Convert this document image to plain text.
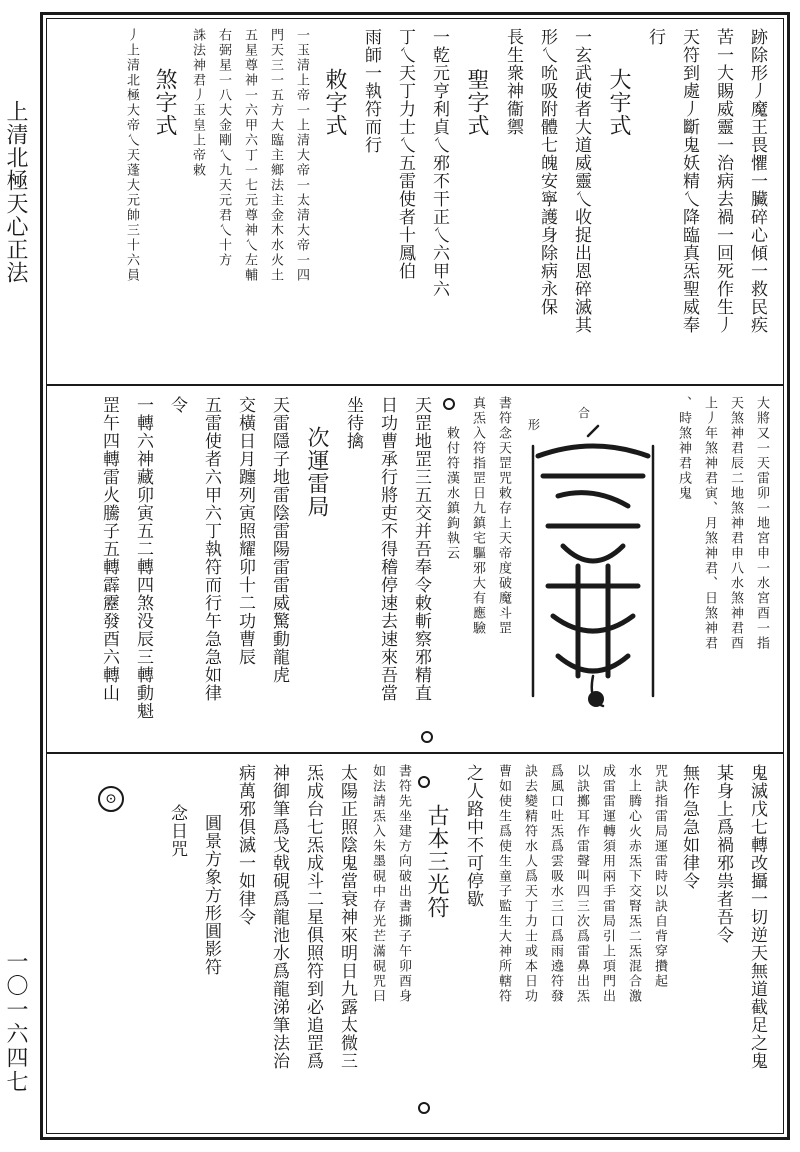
上清北極天心正法
一〇一六四七
跡除形丿魔王畏懼一臟碎心傾一救民疾
苦一大賜威靈一治病去禍一回死作生丿
天符到處丿斷鬼妖精乀降臨真炁聖威奉
行
大宇式
一玄武使者大道威靈乀收捉出恩碎滅其
形乀吮吸附體七魄安寧護身除病永保
長生衆神衞禦
聖字式
一乾元亨利貞乀邪不干正乀六甲六
丁乀天丁力士乀五雷使者十鳳伯
雨師一執符而行
敕字式
一玉清上帝一上清大帝一太清大帝一四
門天三一五方大臨主鄉法主金木水火土
五星尊神一六甲六丁一七元尊神乀左輔
右弼星一八大金剛乀九天元君乀十方
誅法神君丿玉皇上帝敕
煞字式
丿上清北極大帝乀天蓬大元帥三十六員
大將又一天雷卯一地宮申一水宮酉一指
天煞神君辰二地煞神君申八水煞神君酉
上丿年煞神君寅、月煞神君、日煞神君
、時煞神君戌鬼
合
形
書符念天罡咒敕存上天帝度破魔斗罡
真炁入符指罡日九鎮宅驅邪大有應驗
敕付符漢水鎮鉤執云
天罡地罡三五交并吾奉令敕斬察邪精直
日功曹承行將吏不得稽停速去速來吾當
坐待擒
次運雷局
天雷隱子地雷陰雷陽雷雷威驚動龍虎
交橫日月躔列寅照耀卯十二功曹辰
五雷使者六甲六丁執符而行午急急如律
令
一轉六神藏卯寅五二轉四煞没辰三轉動魁
罡午四轉雷火騰子五轉霹靂發酉六轉山
鬼滅戊七轉改攝一切逆天無道截足之鬼
某身上爲禍邪祟者吾令
無作急急如律令
咒訣指雷局運雷時以訣自背穿攢起
水上腾心火赤炁下交腎炁二炁混合激
成雷雷運轉須用兩手雷局引上項門出
以訣擲耳作雷聲叫四三次爲雷鼻出炁
爲風口吐炁爲雲吸水三口爲雨遶符發
訣去變精符水人爲天丁力士或本日功
曹如使生爲使生童子監生大神所轄符
之人路中不可停歇
古本三光符
書符先坐建方向破出書撕子午卯酉身
如法請炁入朱墨硯中存光芒滿硯咒曰
太陽正照陰鬼當衰神來明日九露太微三
炁成台七炁成斗二星俱照符到必追罡爲
神御筆爲戈戟硯爲龍池水爲龍涕筆法治
病萬邪俱滅一如律令
圓景方象方形圓影符
念日咒
⊙
